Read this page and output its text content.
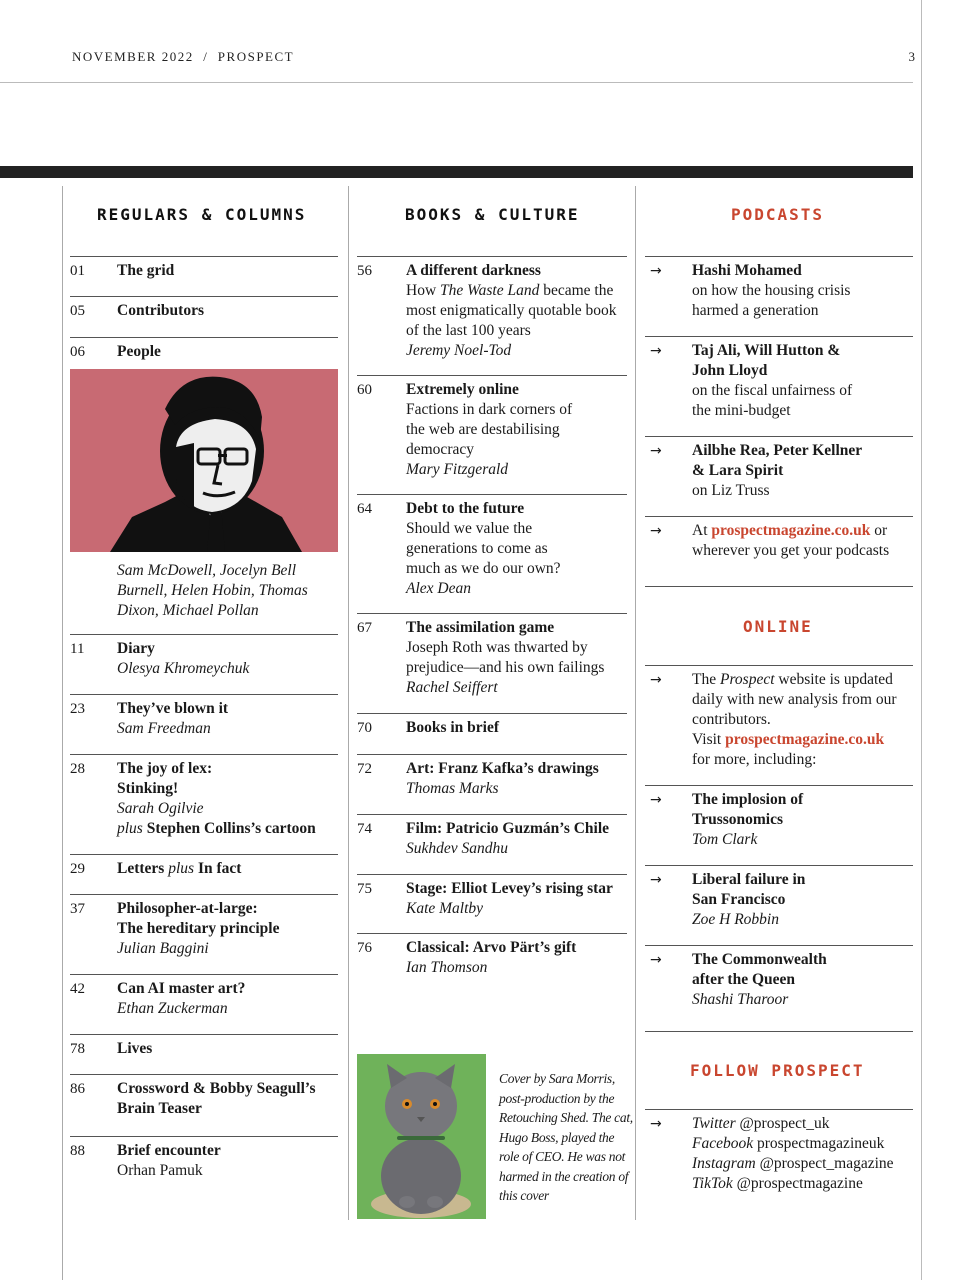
NOVEMBER 2022  /  PROSPECT	3
REGULARS & COLUMNS	BOOKS & CULTURE	PODCASTS
01 The grid
05 Contributors
06 People
Sam McDowell, Jocelyn Bell Burnell, Helen Hobin, Thomas Dixon, Michael Pollan
11 Diary
Olesya Khromeychuk
23 They’ve blown it
Sam Freedman
28 The joy of lex:
Stinking!
Sarah Ogilvie
plus Stephen Collins’s cartoon
29 Letters plus In fact
37 Philosopher-at-large:
The hereditary principle
Julian Baggini
42 Can AI master art?
Ethan Zuckerman
78 Lives
86 Crossword & Bobby Seagull’s
Brain Teaser
88 Brief encounter
Orhan Pamuk
56 A different darkness
How The Waste Land became the most enigmatically quotable book of the last 100 years
Jeremy Noel-Tod
60 Extremely online
Factions in dark corners of the web are destabilising democracy
Mary Fitzgerald
64 Debt to the future
Should we value the generations to come as much as we do our own?
Alex Dean
67 The assimilation game
Joseph Roth was thwarted by prejudice—and his own failings
Rachel Seiffert
70 Books in brief
72 Art: Franz Kafka’s drawings
Thomas Marks
74 Film: Patricio Guzmán’s Chile
Sukhdev Sandhu
75 Stage: Elliot Levey’s rising star
Kate Maltby
76 Classical: Arvo Pärt’s gift
Ian Thomson
Cover by Sara Morris, post-production by the Retouching Shed. The cat, Hugo Boss, played the role of CEO. He was not harmed in the creation of this cover
→ Hashi Mohamed
on how the housing crisis harmed a generation
→ Taj Ali, Will Hutton & John Lloyd
on the fiscal unfairness of the mini-budget
→ Ailbhe Rea, Peter Kellner & Lara Spirit
on Liz Truss
→ At prospectmagazine.co.uk or wherever you get your podcasts
ONLINE
→ The Prospect website is updated daily with new analysis from our contributors.
Visit prospectmagazine.co.uk
for more, including:
→ The implosion of Trussonomics
Tom Clark
→ Liberal failure in San Francisco
Zoe H Robbin
→ The Commonwealth after the Queen
Shashi Tharoor
FOLLOW PROSPECT
→ Twitter @prospect_uk
Facebook prospectmagazineuk
Instagram @prospect_magazine
TikTok @prospectmagazine
